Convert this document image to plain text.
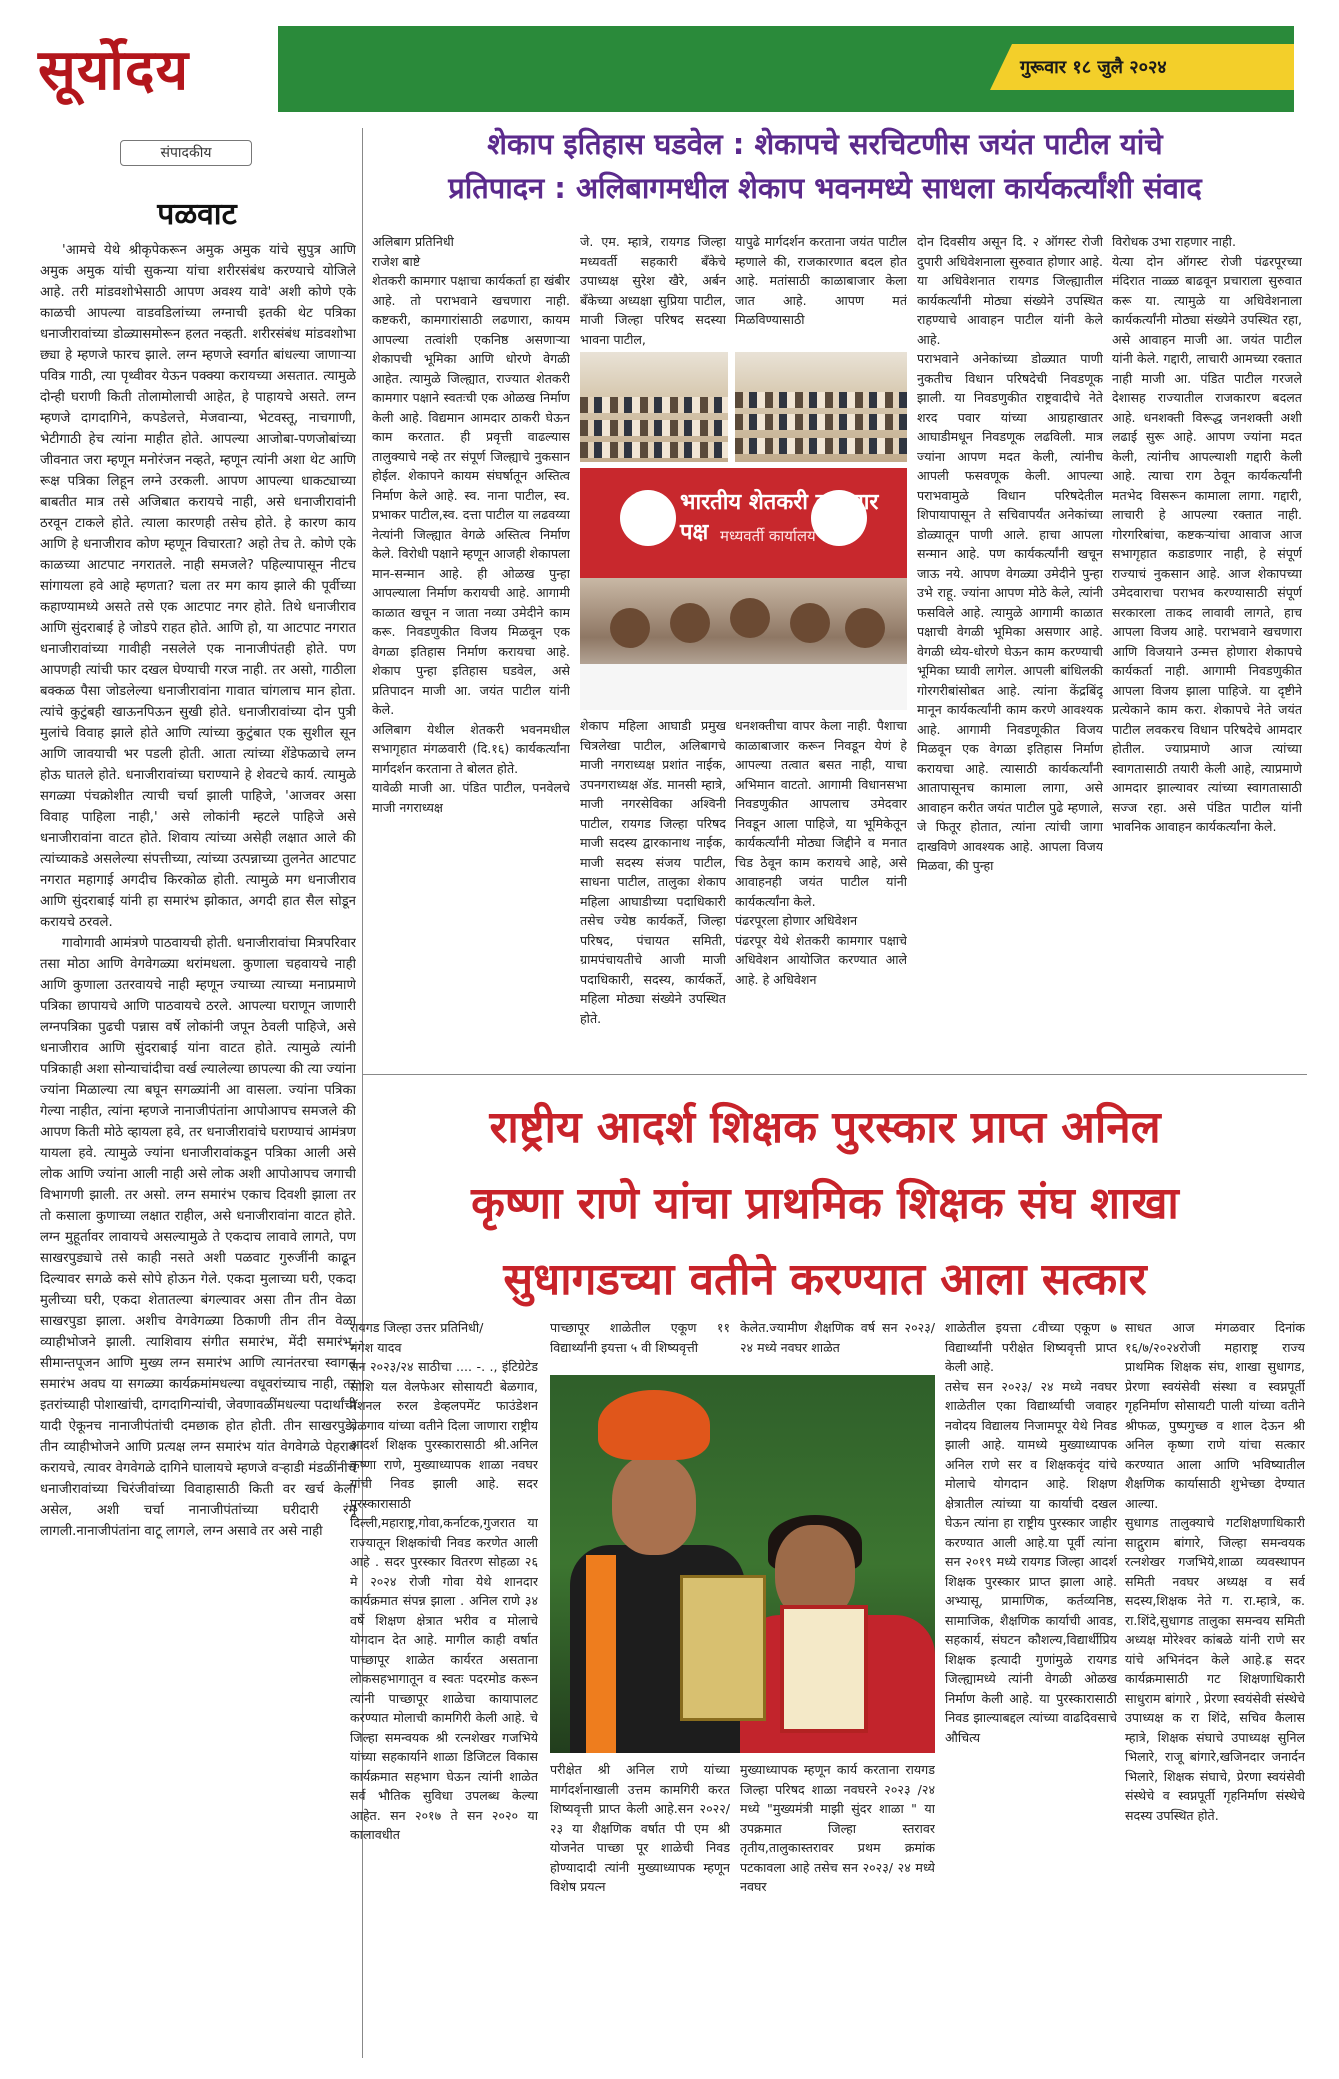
सूर्योदय	गुरूवार १८ जुलै २०२४
संपादकीय
पळवाट

'आमचे येथे श्रीकृपेकरून अमुक अमुक यांचे सुपुत्र आणि अमुक अमुक यांची सुकन्या यांचा शरीरसंबंध करण्याचे योजिले आहे. तरी मांडवशोभेसाठी आपण अवश्य यावे' अशी कोणे एके काळची आपल्या वाडवडिलांच्या लग्नाची इतकी थेट पत्रिका धनाजीरावांच्या डोळ्यासमोरून हलत नव्हती. शरीरसंबंध मांडवशोभा छ्या हे म्हणजे फारच झाले. लग्न म्हणजे स्वर्गात बांधल्या जाणाऱ्या पवित्र गाठी, त्या पृथ्वीवर येऊन पक्क्या करायच्या असतात. त्यामुळे दोन्ही घराणी किती तोलामोलाची आहेत, हे पाहायचे असते. लग्न म्हणजे दागदागिने, कपडेलत्ते, मेजवान्या, भेटवस्तू, नाचगाणी, भेटीगाठी हेच त्यांना माहीत होते. आपल्या आजोबा-पणजोबांच्या जीवनात जरा म्हणून मनोरंजन नव्हते, म्हणून त्यांनी अशा थेट आणि रूक्ष पत्रिका लिहून लग्ने उरकली. आपण आपल्या धाकट्याच्या बाबतीत मात्र तसे अजिबात करायचे नाही, असे धनाजीरावांनी ठरवून टाकले होते. त्याला कारणही तसेच होते. हे कारण काय आणि हे धनाजीराव कोण म्हणून विचारता? अहो तेच ते. कोणे एके काळच्या आटपाट नगरातले. नाही समजले? पहिल्यापासून नीटच सांगायला हवे आहे म्हणता? चला तर मग काय झाले की पूर्वीच्या कहाण्यामध्ये असते तसे एक आटपाट नगर होते. तिथे धनाजीराव आणि सुंदराबाई हे जोडपे राहत होते. आणि हो, या आटपाट नगरात धनाजीरावांच्या गावीही नसलेले एक नानाजीपंतही होते. पण आपणही त्यांची फार दखल घेण्याची गरज नाही. तर असो, गाठीला बक्कळ पैसा जोडलेल्या धनाजीरावांना गावात चांगलाच मान होता. त्यांचे कुटुंबही खाऊनपिऊन सुखी होते. धनाजीरावांच्या दोन पुत्री मुलांचे विवाह झाले होते आणि त्यांच्या कुटुंबात एक सुशील सून आणि जावयाची भर पडली होती. आता त्यांच्या शेंडेफळाचे लग्न होऊ घातले होते. धनाजीरावांच्या घराण्याने हे शेवटचे कार्य. त्यामुळे सगळ्या पंचक्रोशीत त्याची चर्चा झाली पाहिजे, 'आजवर असा विवाह पाहिला नाही,' असे लोकांनी म्हटले पाहिजे असे धनाजीरावांना वाटत होते. शिवाय त्यांच्या असेही लक्षात आले की त्यांच्याकडे असलेल्या संपत्तीच्या, त्यांच्या उत्पन्नाच्या तुलनेत आटपाट नगरात महागाई अगदीच किरकोळ होती. त्यामुळे मग धनाजीराव आणि सुंदराबाई यांनी हा समारंभ झोकात, अगदी हात सैल सोडून करायचे ठरवले.

गावोगावी आमंत्रणे पाठवायची होती. धनाजीरावांचा मित्रपरिवार तसा मोठा आणि वेगवेगळ्या थरांमधला. कुणाला चहवायचे नाही आणि कुणाला उतरवायचे नाही म्हणून ज्याच्या त्याच्या मनाप्रमाणे पत्रिका छापायचे आणि पाठवायचे ठरले. आपल्या घराणून जाणारी लग्नपत्रिका पुढची पन्नास वर्षे लोकांनी जपून ठेवली पाहिजे, असे धनाजीराव आणि सुंदराबाई यांना वाटत होते. त्यामुळे त्यांनी पत्रिकाही अशा सोन्याचांदीचा वर्ख ल्यालेल्या छापल्या की त्या ज्यांना ज्यांना मिळाल्या त्या बघून सगळ्यांनी आ वासला. ज्यांना पत्रिका गेल्या नाहीत, त्यांना म्हणजे नानाजीपंतांना आपोआपच समजले की आपण किती मोठे व्हायला हवे, तर धनाजीरावांचे घराण्याचं आमंत्रण यायला हवे. त्यामुळे ज्यांना धनाजीरावांकडून पत्रिका आली असे लोक आणि ज्यांना आली नाही असे लोक अशी आपोआपच जगाची विभागणी झाली. तर असो. लग्न समारंभ एकाच दिवशी झाला तर तो कसाला कुणाच्या लक्षात राहील, असे धनाजीरावांना वाटत होते. लग्न मुहूर्तावर लावायचे असल्यामुळे ते एकदाच लावावे लागते, पण साखरपुड्याचे तसे काही नसते अशी पळवाट गुरुजींनी काढून दिल्यावर सगळे कसे सोपे होऊन गेले. एकदा मुलाच्या घरी, एकदा मुलीच्या घरी, एकदा शेतातल्या बंगल्यावर असा तीन तीन वेळा साखरपुडा झाला. अशीच वेगवेगळ्या ठिकाणी तीन तीन वेळा व्याहीभोजने झाली. त्याशिवाय संगीत समारंभ, मेंदी समारंभ, सीमान्तपूजन आणि मुख्य लग्न समारंभ आणि त्यानंतरचा स्वागत समारंभ अवघ या सगळ्या कार्यक्रमांमधल्या वधूवरांच्याच नाही, तर इतरांच्याही पोशाखांची, दागदागिन्यांची, जेवणावळींमधल्या पदार्थांची यादी ऐकूनच नानाजीपंतांची दमछाक होत होती. तीन साखरपुडे, तीन व्याहीभोजने आणि प्रत्यक्ष लग्न समारंभ यांत वेगवेगळे पेहराव करायचे, त्यावर वेगवेगळे दागिने घालायचे म्हणजे वऱ्हाडी मंडळींनीच धनाजीरावांच्या चिरंजीवांच्या विवाहासाठी किती वर खर्च केला असेल, अशी चर्चा नानाजीपंतांच्या घरीदारी रंगू लागली.नानाजीपंतांना वाटू लागले, लग्न असावे तर असे नाही

शेकाप इतिहास घडवेल : शेकापचे सरचिटणीस जयंत पाटील यांचे
प्रतिपादन : अलिबागमधील शेकाप भवनमध्ये साधला कार्यकर्त्यांशी संवाद
अलिबाग प्रतिनिधी
राजेश बाष्टे
शेतकरी कामगार पक्षाचा कार्यकर्ता हा खंबीर आहे. तो पराभवाने खचणारा नाही. कष्टकरी, कामगारांसाठी लढणारा, कायम आपल्या तत्वांशी एकनिष्ठ असणाऱ्या शेकापची भूमिका आणि धोरणे वेगळी आहेत. त्यामुळे जिल्ह्यात, राज्यात शेतकरी कामगार पक्षाने स्वतःची एक ओळख निर्माण केली आहे. विद्यमान आमदार ठाकरी घेऊन काम करतात. ही प्रवृत्ती वाढल्यास तालुक्याचे नव्हे तर संपूर्ण जिल्ह्याचे नुकसान होईल. शेकापने कायम संघर्षातून अस्तित्व निर्माण केले आहे. स्व. नाना पाटील, स्व. प्रभाकर पाटील,स्व. दत्ता पाटील या लढवय्या नेत्यांनी जिल्ह्यात वेगळे अस्तित्व निर्माण केले. विरोधी पक्षाने म्हणून आजही शेकापला मान-सन्मान आहे. ही ओळख पुन्हा आपल्याला निर्माण करायची आहे. आगामी काळात खचून न जाता नव्या उमेदीने काम करू. निवडणुकीत विजय मिळवून एक वेगळा इतिहास निर्माण करायचा आहे. शेकाप पुन्हा इतिहास घडवेल, असे प्रतिपादन माजी आ. जयंत पाटील यांनी केले.
अलिबाग येथील शेतकरी भवनमधील सभागृहात मंगळवारी (दि.१६) कार्यकर्त्यांना मार्गदर्शन करताना ते बोलत होते.
यावेळी माजी आ. पंडित पाटील, पनवेलचे माजी नगराध्यक्ष
जे. एम. म्हात्रे, रायगड जिल्हा मध्यवर्ती सहकारी बँकेचे उपाध्यक्ष सुरेश खैरे, अर्बन बँकेच्या अध्यक्षा सुप्रिया पाटील, माजी जिल्हा परिषद सदस्या भावना पाटील,
यापुढे मार्गदर्शन करताना जयंत पाटील म्हणाले की, राजकारणात बदल होत आहे. मतांसाठी काळाबाजार केला जात आहे. आपण मतं मिळविण्यासाठी
भारतीय शेतकरी कामगार पक्ष मध्यवर्ती कार्यालय
शेकाप महिला आघाडी प्रमुख चित्रलेखा पाटील, अलिबागचे माजी नगराध्यक्ष प्रशांत नाईक, उपनगराध्यक्ष ॲड. मानसी म्हात्रे, माजी नगरसेविका अश्विनी पाटील, रायगड जिल्हा परिषद माजी सदस्य द्वारकानाथ नाईक, माजी सदस्य संजय पाटील, साधना पाटील, तालुका शेकाप महिला आघाडीच्या पदाधिकारी तसेच ज्येष्ठ कार्यकर्ते, जिल्हा परिषद, पंचायत समिती, ग्रामपंचायतीचे आजी माजी पदाधिकारी, सदस्य, कार्यकर्ते, महिला मोठ्या संख्येने उपस्थित होते.
धनशक्तीचा वापर केला नाही. पैशाचा काळाबाजार करून निवडून येणं हे आपल्या तत्वात बसत नाही, याचा अभिमान वाटतो. आगामी विधानसभा निवडणुकीत आपलाच उमेदवार निवडून आला पाहिजे, या भूमिकेतून कार्यकर्त्यांनी मोठ्या जिद्दीने व मनात चिड ठेवून काम करायचे आहे, असे आवाहनही जयंत पाटील यांनी कार्यकर्त्यांना केले.
पंढरपूरला होणार अधिवेशन
पंढरपूर येथे शेतकरी कामगार पक्षाचे अधिवेशन आयोजित करण्यात आले आहे. हे अधिवेशन
दोन दिवसीय असून दि. २ ऑगस्ट रोजी दुपारी अधिवेशनाला सुरुवात होणार आहे. या अधिवेशनात रायगड जिल्ह्यातील कार्यकर्त्यांनी मोठ्या संख्येने उपस्थित राहण्याचे आवाहन पाटील यांनी केले आहे.
पराभवाने अनेकांच्या डोळ्यात पाणी नुकतीच विधान परिषदेची निवडणूक झाली. या निवडणुकीत राष्ट्रवादीचे नेते शरद पवार यांच्या आग्रहाखातर आघाडीमधून निवडणूक लढविली. मात्र ज्यांना आपण मदत केली, त्यांनीच आपली फसवणूक केली. आपल्या पराभवामुळे विधान परिषदेतील शिपायापासून ते सचिवापर्यंत अनेकांच्या डोळ्यातून पाणी आले. हाचा आपला सन्मान आहे. पण कार्यकर्त्यांनी खचून जाऊ नये. आपण वेगळ्या उमेदीने पुन्हा उभे राहू. ज्यांना आपण मोठे केले, त्यांनी फसविले आहे. त्यामुळे आगामी काळात पक्षाची वेगळी भूमिका असणार आहे. वेगळी ध्येय-धोरणे घेऊन काम करण्याची भूमिका घ्यावी लागेल. आपली बांधिलकी गोरगरीबांसोबत आहे. त्यांना केंद्रबिंदू मानून कार्यकर्त्यांनी काम करणे आवश्यक आहे. आगामी निवडणूकीत विजय मिळवून एक वेगळा इतिहास निर्माण करायचा आहे. त्यासाठी कार्यकर्त्यांनी आतापासूनच कामाला लागा, असे आवाहन करीत जयंत पाटील पुढे म्हणाले, जे फितूर होतात, त्यांना त्यांची जागा दाखविणे आवश्यक आहे. आपला विजय मिळवा, की पुन्हा
विरोधक उभा राहणार नाही.
येत्या दोन ऑगस्ट रोजी पंढरपूरच्या मंदिरात नाळ्ळ बाढवून प्रचाराला सुरुवात करू या. त्यामुळे या अधिवेशनाला कार्यकर्त्यांनी मोठ्या संख्येने उपस्थित रहा, असे आवाहन माजी आ. जयंत पाटील यांनी केले. गद्दारी, लाचारी आमच्या रक्तात नाही माजी आ. पंडित पाटील गरजले देशासह राज्यातील राजकारण बदलत आहे. धनशक्ती विरूद्ध जनशक्ती अशी लढाई सुरू आहे. आपण ज्यांना मदत केली, त्यांनीच आपल्याशी गद्दारी केली आहे. त्याचा राग ठेवून कार्यकर्त्यांनी मतभेद विसरून कामाला लागा. गद्दारी, लाचारी हे आपल्या रक्तात नाही. गोरगरिबांचा, कष्टकऱ्यांचा आवाज आज सभागृहात कडाडणार नाही, हे संपूर्ण राज्याचं नुकसान आहे. आज शेकापच्या उमेदवाराचा पराभव करण्यासाठी संपूर्ण सरकारला ताकद लावावी लागते, हाच आपला विजय आहे. पराभवाने खचणारा आणि विजयाने उन्मत्त होणारा शेकापचे कार्यकर्ता नाही. आगामी निवडणुकीत आपला विजय झाला पाहिजे. या दृष्टीने प्रत्येकाने काम करा. शेकापचे नेते जयंत पाटील लवकरच विधान परिषदेचे आमदार होतील. ज्याप्रमाणे आज त्यांच्या स्वागतासाठी तयारी केली आहे, त्याप्रमाणे आमदार झाल्यावर त्यांच्या स्वागतासाठी सज्ज रहा. असे पंडित पाटील यांनी भावनिक आवाहन कार्यकर्त्यांना केले.
राष्ट्रीय आदर्श शिक्षक पुरस्कार प्राप्त अनिल
कृष्णा राणे यांचा प्राथमिक शिक्षक संघ शाखा
सुधागडच्या वतीने करण्यात आला सत्कार
रायगड जिल्हा उत्तर प्रतिनिधी/
मंगेश यादव
सन २०२३/२४ साठीचा .... -. ., इंटिग्रेटेड सोशि यल वेलफेअर सोसायटी बेळगाव, नॅशनल रुरल डेव्हलपमेंट फाउंडेशन बेळगाव यांच्या वतीने दिला जाणारा राष्ट्रीय आदर्श शिक्षक पुरस्कारासाठी श्री.अनिल कृष्णा राणे, मुख्याध्यापक शाळा नवघर यांची निवड झाली आहे. सदर पुरस्कारासाठी दिल्ली,महाराष्ट्र,गोवा,कर्नाटक,गुजरात या राज्यातून शिक्षकांची निवड करणेत आली आहे . सदर पुरस्कार वितरण सोहळा २६ मे २०२४ रोजी गोवा येथे शानदार कार्यक्रमात संपन्न झाला . अनिल राणे ३४ वर्षे शिक्षण क्षेत्रात भरीव व मोलाचे योगदान देत आहे. मागील काही वर्षात पाच्छापूर शाळेत कार्यरत असताना लोकसहभागातून व स्वतः पदरमोड करून त्यांनी पाच्छापूर शाळेचा कायापालट करण्यात मोलाची कामगिरी केली आहे. चे जिल्हा समन्वयक श्री रत्नशेखर गजभिये यांच्या सहकार्याने शाळा डिजिटल विकास कार्यक्रमात सहभाग घेऊन त्यांनी शाळेत सर्व भौतिक सुविधा उपलब्ध केल्या आहेत. सन २०१७ ते सन २०२० या कालावधीत
पाच्छापूर शाळेतील एकूण ११ विद्यार्थ्यांनी इयत्ता ५ वी शिष्यवृत्ती
केलेत.ज्यामीण शैक्षणिक वर्ष सन २०२३/ २४ मध्ये नवघर शाळेत
परीक्षेत श्री अनिल राणे यांच्या मार्गदर्शनाखाली उत्तम कामगिरी करत शिष्यवृत्ती प्राप्त केली आहे.सन २०२२/ २३ या शैक्षणिक वर्षात पी एम श्री योजनेत पाच्छा पूर शाळेची निवड होण्यादादी त्यांनी मुख्याध्यापक म्हणून विशेष प्रयत्न
मुख्याध्यापक म्हणून कार्य करताना रायगड जिल्हा परिषद शाळा नवघरने २०२३ /२४ मध्ये "मुख्यमंत्री माझी सुंदर शाळा " या उपक्रमात जिल्हा स्तरावर तृतीय,तालुकास्तरावर प्रथम क्रमांक पटकावला आहे तसेच सन २०२३/ २४ मध्ये नवघर
शाळेतील इयत्ता ८वीच्या एकूण ७ विद्यार्थ्यांनी परीक्षेत शिष्यवृत्ती प्राप्त केली आहे.
तसेच सन २०२३/ २४ मध्ये नवघर शाळेतील एका विद्यार्थ्याची जवाहर नवोदय विद्यालय निजामपूर येथे निवड झाली आहे. यामध्ये मुख्याध्यापक अनिल राणे सर व शिक्षकवृंद यांचे मोलाचे योगदान आहे. शिक्षण क्षेत्रातील त्यांच्या या कार्याची दखल घेऊन त्यांना हा राष्ट्रीय पुरस्कार जाहीर करण्यात आली आहे.या पूर्वी त्यांना सन २०१९ मध्ये रायगड जिल्हा आदर्श शिक्षक पुरस्कार प्राप्त झाला आहे. अभ्यासू, प्रामाणिक, कर्तव्यनिष्ठ, सामाजिक, शैक्षणिक कार्याची आवड, सहकार्य, संघटन कौशल्य,विद्यार्थीप्रिय शिक्षक इत्यादी गुणांमुळे रायगड जिल्ह्यामध्ये त्यांनी वेगळी ओळख निर्माण केली आहे. या पुरस्कारासाठी निवड झाल्याबद्दल त्यांच्या वाढदिवसाचे औचित्य
साधत आज मंगळवार दिनांक १६/७/२०२४रोजी महाराष्ट्र राज्य प्राथमिक शिक्षक संघ, शाखा सुधागड, प्रेरणा स्वयंसेवी संस्था व स्वप्नपूर्ती गृहनिर्माण सोसायटी पाली यांच्या वतीने श्रीफळ, पुष्पगुच्छ व शाल देऊन श्री अनिल कृष्णा राणे यांचा सत्कार करण्यात आला आणि भविष्यातील शैक्षणिक कार्यासाठी शुभेच्छा देण्यात आल्या.
सुधागड तालुक्याचे गटशिक्षणाधिकारी साद्गुराम बांगारे, जिल्हा समन्वयक रत्नशेखर गजभिये,शाळा व्यवस्थापन समिती नवघर अध्यक्ष व सर्व सदस्य,शिक्षक नेते ग. रा.म्हात्रे, क. रा.शिंदे,सुधागड तालुका समन्वय समिती अध्यक्ष मोरेश्वर कांबळे यांनी राणे सर यांचे अभिनंदन केले आहे.ह्र सदर कार्यक्रमासाठी गट शिक्षणाधिकारी साधुराम बांगारे , प्रेरणा स्वयंसेवी संस्थेचे उपाध्यक्ष क रा शिंदे, सचिव कैलास म्हात्रे, शिक्षक संघाचे उपाध्यक्ष सुनिल भिलारे, राजू बांगारे,खजिनदार जनार्दन भिलारे, शिक्षक संघाचे, प्रेरणा स्वयंसेवी संस्थेचे व स्वप्नपूर्ती गृहनिर्माण संस्थेचे सदस्य उपस्थित होते.
